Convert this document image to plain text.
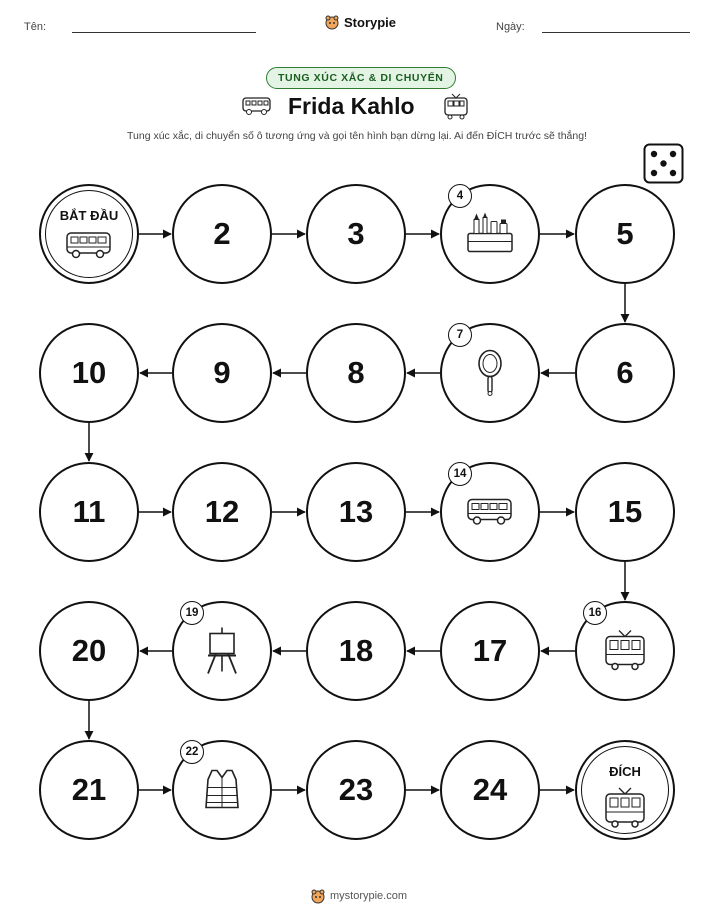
Tên:	Storypie	Ngày:
TUNG XÚC XẮC & DI CHUYỂN
Frida Kahlo
Tung xúc xắc, di chuyển số ô tương ứng và gọi tên hình bạn dừng lại. Ai đến ĐÍCH trước sẽ thắng!
BẮT ĐẦU
2	3
4
5
6
7
8
9
10
11	12	13
14
15
16
17
18
19
20
21
22
23	24
ĐÍCH
mystorypie.com
